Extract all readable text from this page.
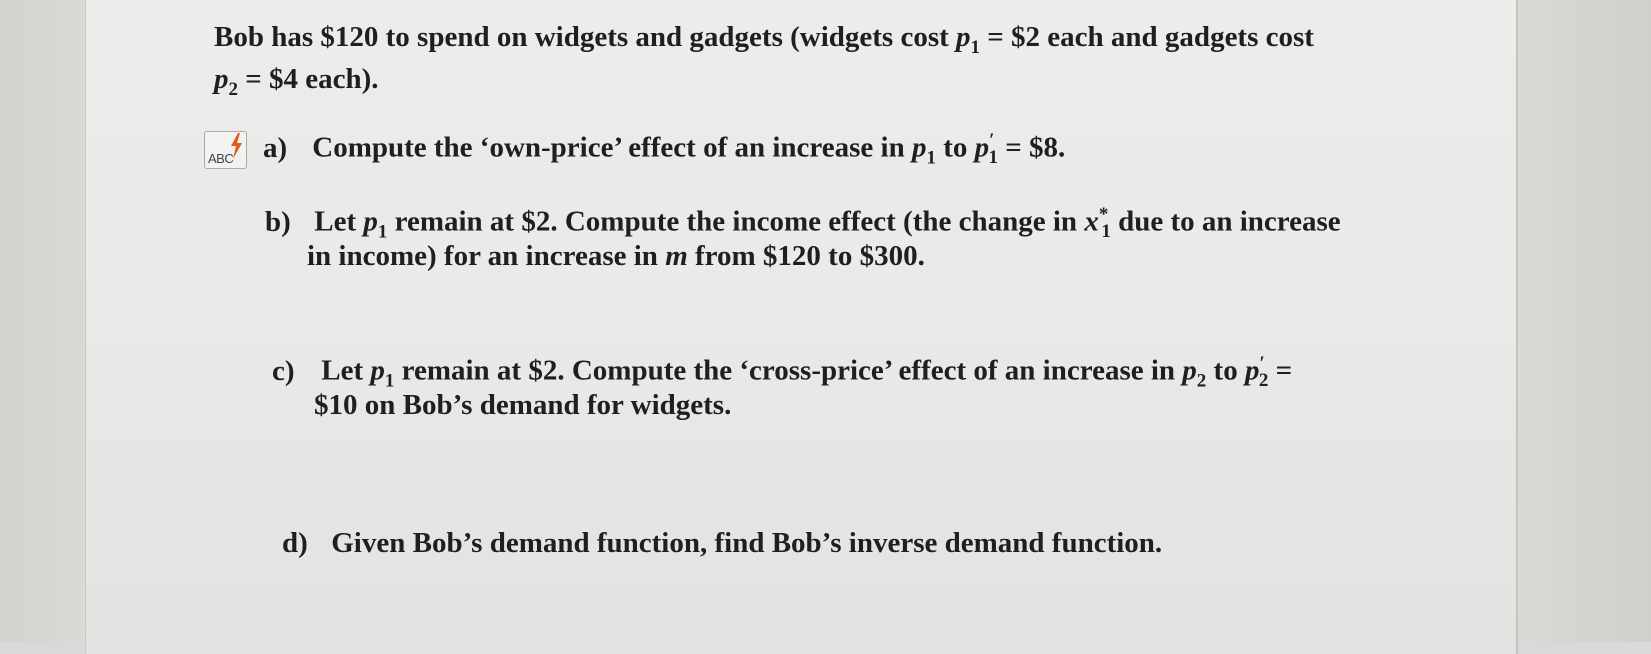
Bob has $120 to spend on widgets and gadgets (widgets cost $p_1$ = $2 each and gadgets cost
$p_2$ = $4 each).
ABC a) Compute the ‘own-price’ effect of an increase in $p_1$ to $p'_1$ = $8.
b) Let $p_1$ remain at $2. Compute the income effect (the change in $x^*_1$ due to an increase
in income) for an increase in m from $120 to $300.
c) Let $p_1$ remain at $2. Compute the ‘cross-price’ effect of an increase in $p_2$ to $p'_2$ =
$10 on Bob’s demand for widgets.
d) Given Bob’s demand function, find Bob’s inverse demand function.
